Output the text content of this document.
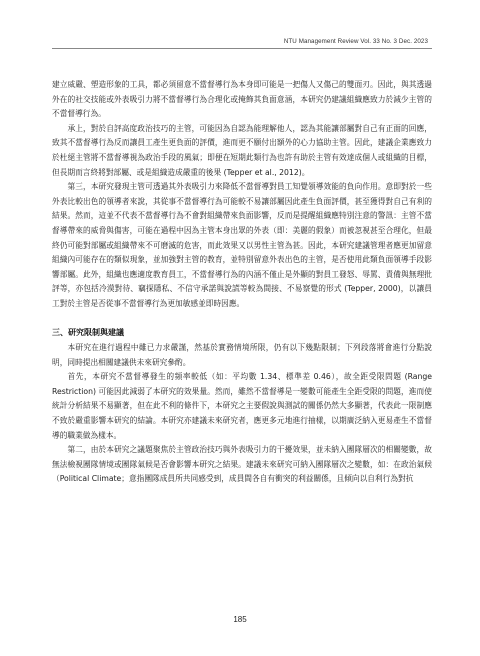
NTU Management Review Vol. 33 No. 3 Dec. 2023

建立威嚴、塑造形象的工具，都必須留意不當督導行為本身即可能是一把傷人又傷己的雙面刃。因此，與其透過外在的社交技能或外表吸引力將不當督導行為合理化或掩飾其負面意涵，本研究仍建議組織應致力於減少主管的不當督導行為。

承上，對於自評高度政治技巧的主管，可能因為自認為能理解他人，認為其能讓部屬對自己有正面的回應，致其不當督導行為反而讓員工產生更負面的評價，進而更不願付出額外的心力協助主管。因此，建議企業應致力於杜絕主管將不當督導視為政治手段的風氣；即便在短期此類行為也許有助於主管有效達成個人或組織的目標，但長期而言終將對部屬、或是組織造成嚴重的後果 (Tepper et al., 2012)。

第三，本研究發現主管可透過其外表吸引力來降低不當督導對員工知覺領導效能的負向作用。意即對於一些外表比較出色的領導者來說，其從事不當督導行為可能較不易讓部屬因此產生負面評價，甚至獲得對自己有利的結果。然而，這並不代表不當督導行為不會對組織帶來負面影響，反而是提醒組織應特別注意的警訊：主管不當督導帶來的威脅與傷害，可能在過程中因為主管本身出眾的外表（即：美麗的假象）而被忽視甚至合理化，但最終仍可能對部屬或組織帶來不可磨滅的危害，而此效果又以男性主管為甚。因此，本研究建議管理者應更加留意組織內可能存在的類似現象，並加強對主管的教育，並特別留意外表出色的主管，是否使用此類負面領導手段影響部屬。此外，組織也應適度教育員工，不當督導行為的內涵不僅止是外顯的對員工發怒、辱罵、責備與無理批評等，亦包括冷漠對待、竊探隱私、不信守承諾與說謊等較為間接、不易察覺的形式 (Tepper, 2000)，以讓員工對於主管是否從事不當督導行為更加敏感並即時因應。

三、研究限制與建議

本研究在進行過程中雖已力求嚴謹，然基於實務情境所限，仍有以下幾點限制；下列段落將會進行分點說明，同時提出相關建議供未來研究參酌。

首先，本研究不當督導發生的頻率較低（如：平均數 1.34、標準差 0.46），故全距受限問題 (Range Restriction) 可能因此減弱了本研究的效果量。然而，雖然不當督導是一變數可能產生全距受限的問題，進而使統計分析結果不易顯著，但在此不利的條件下，本研究之主要假說與測試的關係仍然大多顯著，代表此一限制應不致於嚴重影響本研究的結論。本研究亦建議未來研究者，應更多元地進行抽樣，以期廣泛納入更易產生不當督導的職業做為樣本。

第二，由於本研究之議題聚焦於主管政治技巧與外表吸引力的干擾效果，並未納入團隊層次的相關變數，故無法檢視團隊情境或團隊氣候是否會影響本研究之結果。建議未來研究可納入團隊層次之變數，如：在政治氣候（Political Climate；意指團隊成員所共同感受到，成員間各自有衝突的利益關係，且傾向以自利行為對抗

185
